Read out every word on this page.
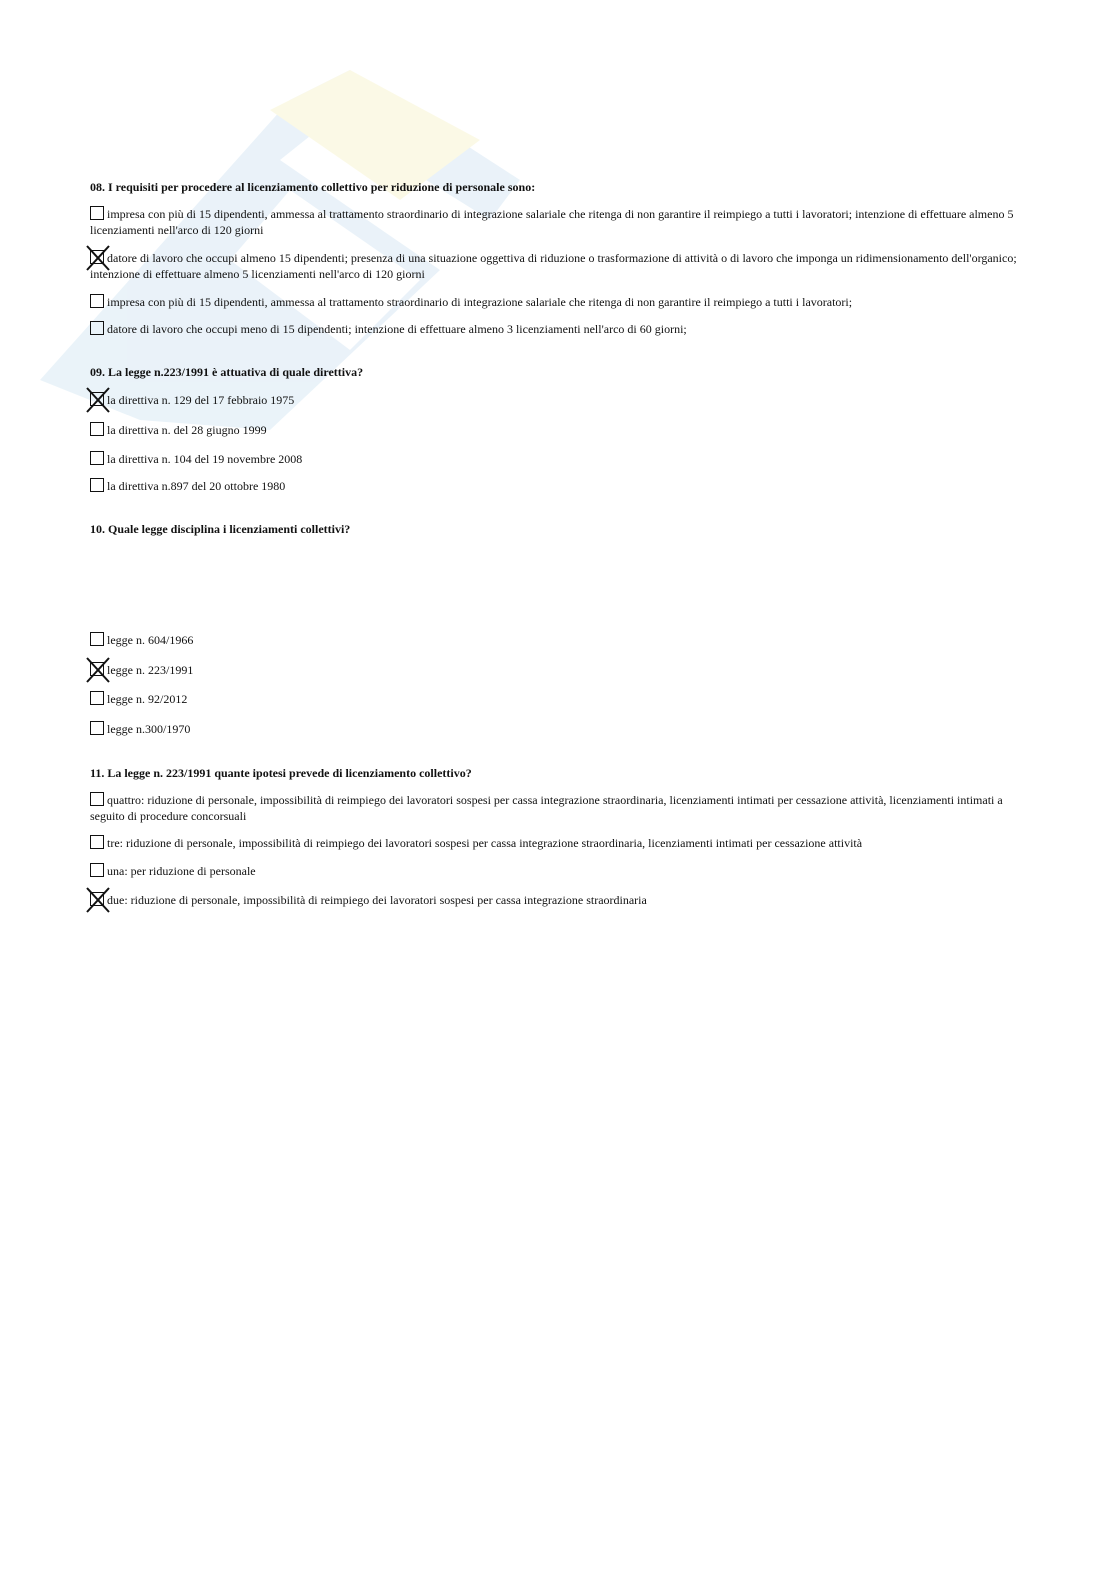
08. I requisiti per procedere al licenziamento collettivo per riduzione di personale sono:

impresa con più di 15 dipendenti, ammessa al trattamento straordinario di integrazione salariale che ritenga di non garantire il reimpiego a tutti i lavoratori; intenzione di effettuare almeno 5 licenziamenti nell'arco di 120 giorni
datore di lavoro che occupi almeno 15 dipendenti; presenza di una situazione oggettiva di riduzione o trasformazione di attività o di lavoro che imponga un ridimensionamento dell'organico; intenzione di effettuare almeno 5 licenziamenti nell'arco di 120 giorni
impresa con più di 15 dipendenti, ammessa al trattamento straordinario di integrazione salariale che ritenga di non garantire il reimpiego a tutti i lavoratori;
datore di lavoro che occupi meno di 15 dipendenti; intenzione di effettuare almeno 3 licenziamenti nell'arco di 60 giorni;

09. La legge n.223/1991 è attuativa di quale direttiva?

la direttiva n. 129 del 17 febbraio 1975
la direttiva n. del 28 giugno 1999
la direttiva n. 104 del 19 novembre 2008
la direttiva n.897 del 20 ottobre 1980

10. Quale legge disciplina i licenziamenti collettivi?

legge n. 604/1966
legge n. 223/1991
legge n. 92/2012
legge n.300/1970

11. La legge n. 223/1991 quante ipotesi prevede di licenziamento collettivo?

quattro: riduzione di personale, impossibilità di reimpiego dei lavoratori sospesi per cassa integrazione straordinaria, licenziamenti intimati per cessazione attività, licenziamenti intimati a seguito di procedure concorsuali
tre: riduzione di personale, impossibilità di reimpiego dei lavoratori sospesi per cassa integrazione straordinaria, licenziamenti intimati per cessazione attività
una: per riduzione di personale
due: riduzione di personale, impossibilità di reimpiego dei lavoratori sospesi per cassa integrazione straordinaria
